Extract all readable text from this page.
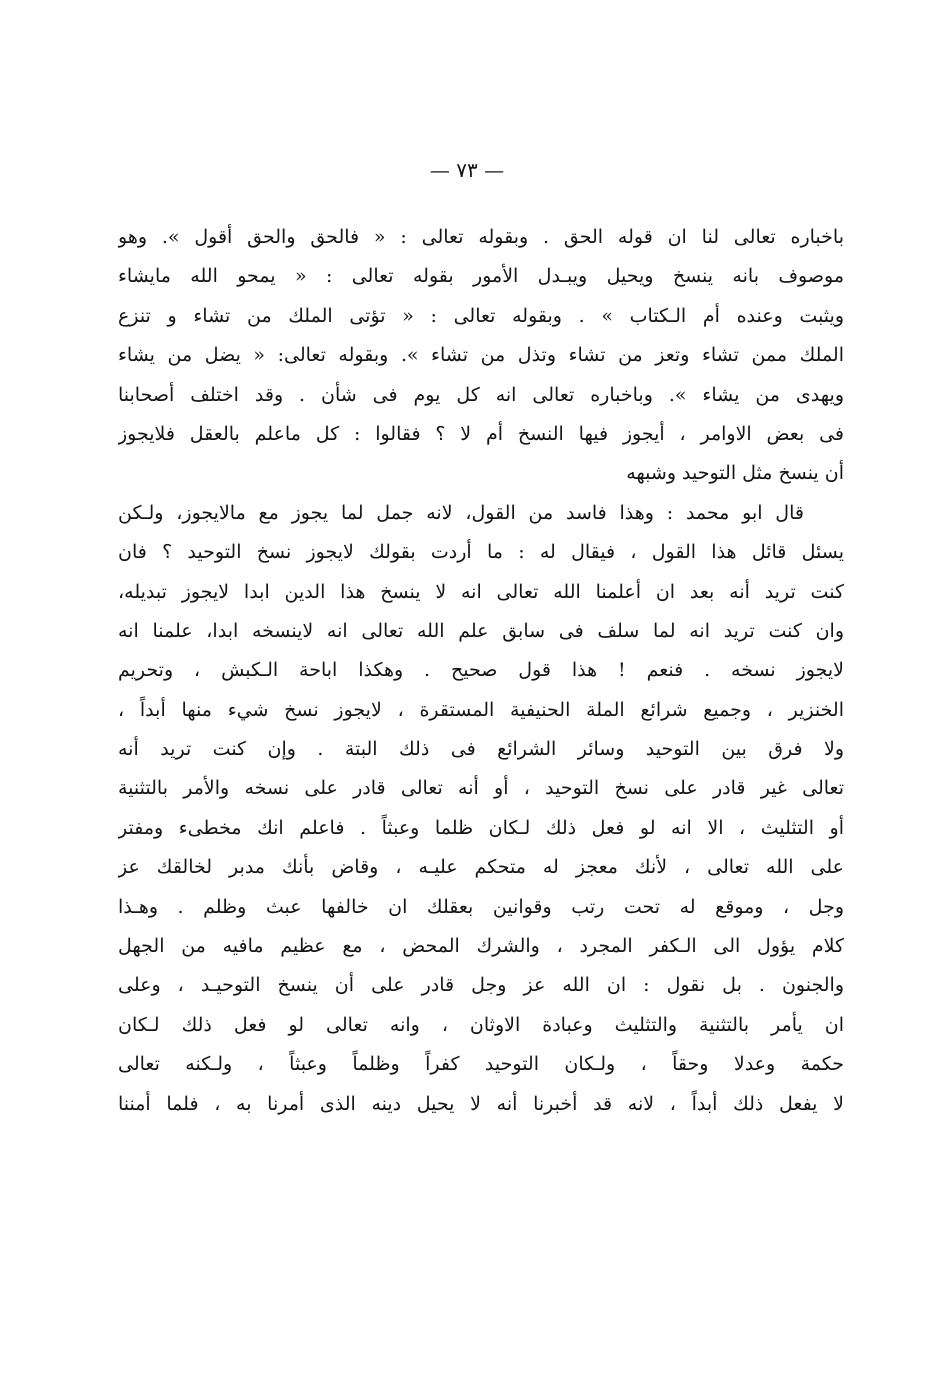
— ٧٣ —
باخباره تعالى لنا ان قوله الحق . وبقوله تعالى : « فالحق والحق أقول ». وهو
موصوف بانه ينسخ ويحيل ويبـدل الأمور بقوله تعالى : « يمحو الله مايشاء
ويثبت وعنده أم الـكتاب » . وبقوله تعالى : « تؤتى الملك من تشاء و تنزع
الملك ممن تشاء وتعز من تشاء وتذل من تشاء ». وبقوله تعالى: « يضل من يشاء
ويهدى من يشاء ». وباخباره تعالى انه كل يوم فى شأن . وقد اختلف أصحابنا
فى بعض الاوامر ، أيجوز فيها النسخ أم لا ؟ فقالوا : كل ماعلم بالعقل فلايجوز
أن ينسخ مثل التوحيد وشبهه
قال ابو محمد : وهذا فاسد من القول، لانه جمل لما يجوز مع مالايجوز، ولـكن
يسئل قائل هذا القول ، فيقال له : ما أردت بقولك لايجوز نسخ التوحيد ؟ فان
كنت تريد أنه بعد ان أعلمنا الله تعالى انه لا ينسخ هذا الدين ابدا لايجوز تبديله،
وان كنت تريد انه لما سلف فى سابق علم الله تعالى انه لاينسخه ابدا، علمنا انه
لايجوز نسخه . فنعم ! هذا قول صحيح . وهكذا اباحة الـكبش ، وتحريم
الخنزير ، وجميع شرائع الملة الحنيفية المستقرة ، لايجوز نسخ شيء منها أبداً ،
ولا فرق بين التوحيد وسائر الشرائع فى ذلك البتة . وإن كنت تريد أنه
تعالى غير قادر على نسخ التوحيد ، أو أنه تعالى قادر على نسخه والأمر بالتثنية
أو التثليث ، الا انه لو فعل ذلك لـكان ظلما وعبثاً . فاعلم انك مخطىء ومفتر
على الله تعالى ، لأنك معجز له متحكم عليـه ، وقاض بأنك مدبر لخالقك عز
وجل ، وموقع له تحت رتب وقوانين بعقلك ان خالفها عبث وظلم . وهـذا
كلام يؤول الى الـكفر المجرد ، والشرك المحض ، مع عظيم مافيه من الجهل
والجنون . بل نقول : ان الله عز وجل قادر على أن ينسخ التوحيـد ، وعلى
ان يأمر بالتثنية والتثليث وعبادة الاوثان ، وانه تعالى لو فعل ذلك لـكان
حكمة وعدلا وحقاً ، ولـكان التوحيد كفراً وظلماً وعبثاً ، ولـكنه تعالى
لا يفعل ذلك أبداً ، لانه قد أخبرنا أنه لا يحيل دينه الذى أمرنا به ، فلما أمننا
